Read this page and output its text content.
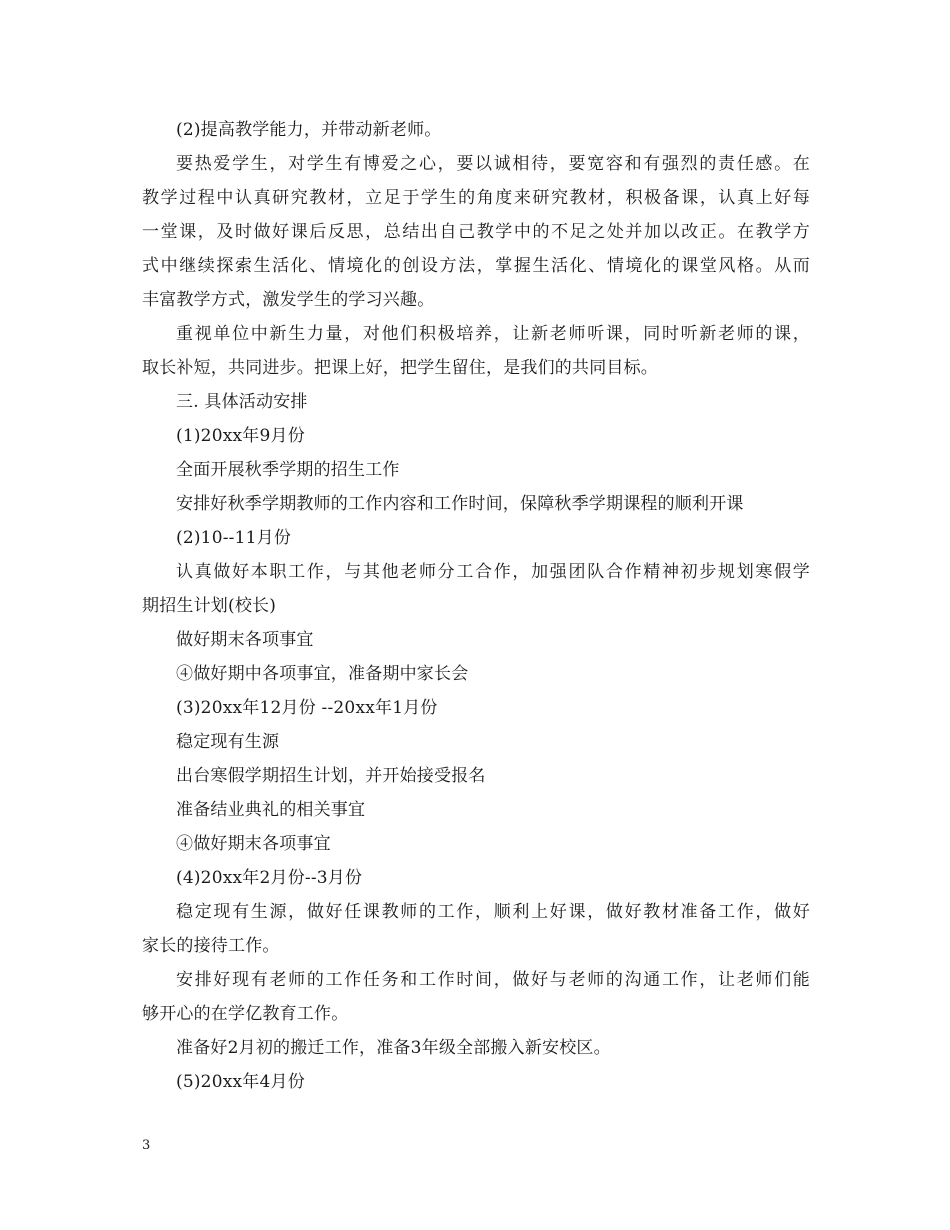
(2)提高教学能力，并带动新老师。
要热爱学生，对学生有博爱之心，要以诚相待，要宽容和有强烈的责任感。在
教学过程中认真研究教材，立足于学生的角度来研究教材，积极备课，认真上好每
一堂课，及时做好课后反思，总结出自己教学中的不足之处并加以改正。在教学方
式中继续探索生活化、情境化的创设方法，掌握生活化、情境化的课堂风格。从而
丰富教学方式，激发学生的学习兴趣。
重视单位中新生力量，对他们积极培养，让新老师听课，同时听新老师的课，
取长补短，共同进步。把课上好，把学生留住，是我们的共同目标。
三. 具体活动安排
(1)20xx年9月份
全面开展秋季学期的招生工作
安排好秋季学期教师的工作内容和工作时间，保障秋季学期课程的顺利开课
(2)10--11月份
认真做好本职工作，与其他老师分工合作，加强团队合作精神初步规划寒假学
期招生计划(校长)
做好期末各项事宜
④做好期中各项事宜，准备期中家长会
(3)20xx年12月份 --20xx年1月份
稳定现有生源
出台寒假学期招生计划，并开始接受报名
准备结业典礼的相关事宜
④做好期末各项事宜
(4)20xx年2月份--3月份
稳定现有生源，做好任课教师的工作，顺利上好课，做好教材准备工作，做好
家长的接待工作。
安排好现有老师的工作任务和工作时间，做好与老师的沟通工作，让老师们能
够开心的在学亿教育工作。
准备好2月初的搬迁工作，准备3年级全部搬入新安校区。
(5)20xx年4月份
3
